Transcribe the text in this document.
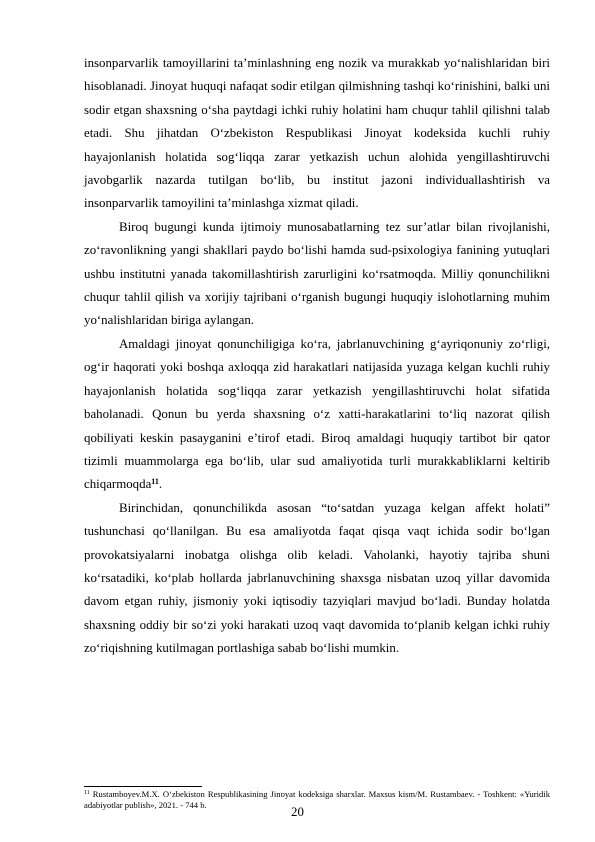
insonparvarlik tamoyillarini ta’minlashning eng nozik va murakkab yo‘nalishlaridan biri hisoblanadi. Jinoyat huquqi nafaqat sodir etilgan qilmishning tashqi ko‘rinishini, balki uni sodir etgan shaxsning o‘sha paytdagi ichki ruhiy holatini ham chuqur tahlil qilishni talab etadi. Shu jihatdan O‘zbekiston Respublikasi Jinoyat kodeksida kuchli ruhiy hayajonlanish holatida sog‘liqqa zarar yetkazish uchun alohida yengillashtiruvchi javobgarlik nazarda tutilgan bo‘lib, bu institut jazoni individuallashtirish va insonparvarlik tamoyilini ta’minlashga xizmat qiladi.

Biroq bugungi kunda ijtimoiy munosabatlarning tez sur’atlar bilan rivojlanishi, zo‘ravonlikning yangi shakllari paydo bo‘lishi hamda sud-psixologiya fanining yutuqlari ushbu institutni yanada takomillashtirish zarurligini ko‘rsatmoqda. Milliy qonunchilikni chuqur tahlil qilish va xorijiy tajribani o‘rganish bugungi huquqiy islohotlarning muhim yo‘nalishlaridan biriga aylangan.

Amaldagi jinoyat qonunchiligiga ko‘ra, jabrlanuvchining g‘ayriqonuniy zo‘rligi, og‘ir haqorati yoki boshqa axloqqa zid harakatlari natijasida yuzaga kelgan kuchli ruhiy hayajonlanish holatida sog‘liqqa zarar yetkazish yengillashtiruvchi holat sifatida baholanadi. Qonun bu yerda shaxsning o‘z xatti-harakatlarini to‘liq nazorat qilish qobiliyati keskin pasayganini e’tirof etadi. Biroq amaldagi huquqiy tartibot bir qator tizimli muammolarga ega bo‘lib, ular sud amaliyotida turli murakkabliklarni keltirib chiqarmoqda$^{11}$.

Birinchidan, qonunchilikda asosan “to‘satdan yuzaga kelgan affekt holati” tushunchasi qo‘llanilgan. Bu esa amaliyotda faqat qisqa vaqt ichida sodir bo‘lgan provokatsiyalarni inobatga olishga olib keladi. Vaholanki, hayotiy tajriba shuni ko‘rsatadiki, ko‘plab hollarda jabrlanuvchining shaxsga nisbatan uzoq yillar davomida davom etgan ruhiy, jismoniy yoki iqtisodiy tazyiqlari mavjud bo‘ladi. Bunday holatda shaxsning oddiy bir so‘zi yoki harakati uzoq vaqt davomida to‘planib kelgan ichki ruhiy zo‘riqishning kutilmagan portlashiga sabab bo‘lishi mumkin.

$^{11}$ Rustamboyev.M.X. O‘zbekiston Respublikasining Jinoyat kodeksiga sharxlar. Maxsus kism/M. Rustambaev. - Toshkent: «Yuridik adabiyotlar publish», 2021. - 744 b.
20
